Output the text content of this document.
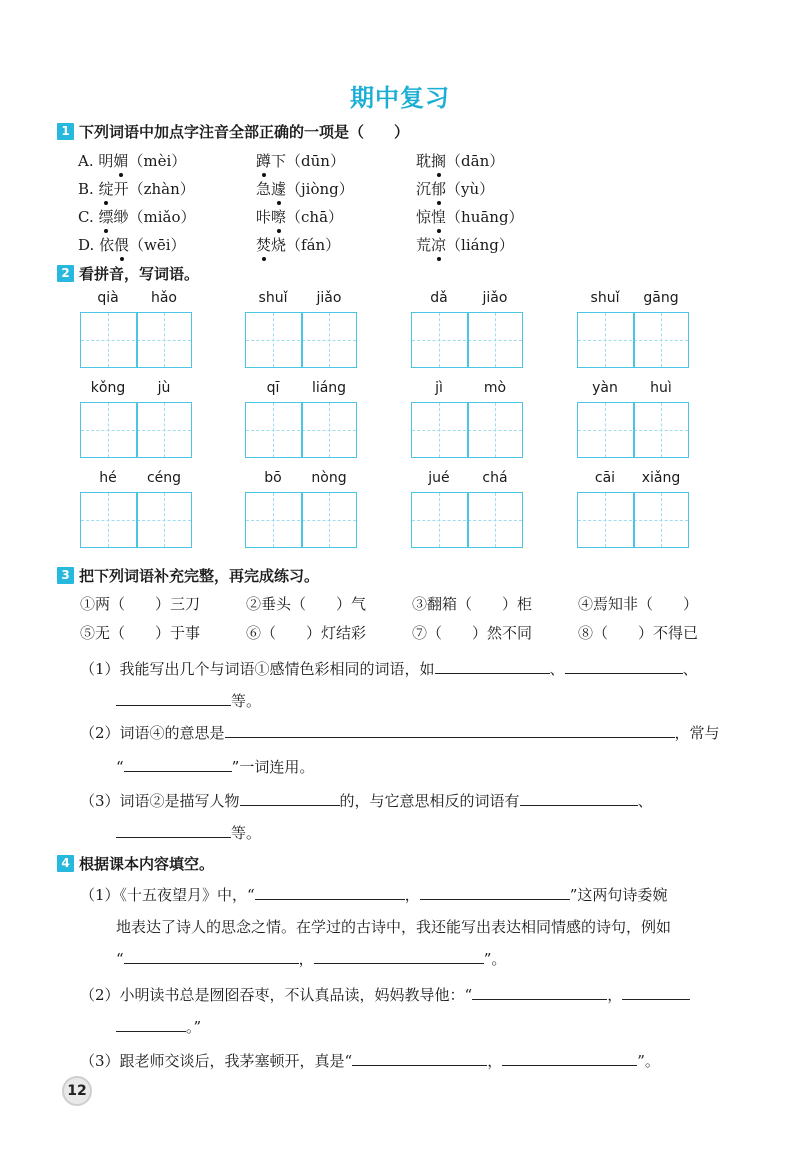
期中复习
1 下列词语中加点字注音全部正确的一项是（　　）
A. 明媚（mèi）	蹲下（dūn）	耽搁（dān）
B. 绽开（zhàn）	急遽（jiòng）	沉郁（yù）
C. 缥缈（miǎo）	咔嚓（chā）	惊惶（huāng）
D. 依偎（wēi）	焚烧（fán）	荒凉（liáng）
2 看拼音，写词语。
qià	hǎo	shuǐ	jiǎo	dǎ	jiǎo	shuǐ	gāng
kǒng	jù	qī	liáng	jì	mò	yàn	huì
hé	céng	bō	nòng	jué	chá	cāi	xiǎng
3 把下列词语补充完整，再完成练习。
①两（　　）三刀	②垂头（　　）气	③翻箱（　　）柜	④焉知非（　　）
⑤无（　　）于事	⑥（　　）灯结彩	⑦（　　）然不同	⑧（　　）不得已
（1）我能写出几个与词语①感情色彩相同的词语，如	、	、
等。
（2）词语④的意思是	，常与
“	”一词连用。
（3）词语②是描写人物	的，与它意思相反的词语有	、
等。
4 根据课本内容填空。
（1）《十五夜望月》中，“	，	”这两句诗委婉
地表达了诗人的思念之情。在学过的古诗中，我还能写出表达相同情感的诗句，例如
“	，	”。
（2）小明读书总是囫囵吞枣，不认真品读，妈妈教导他：“	，
。”
（3）跟老师交谈后，我茅塞顿开，真是“	，	”。
12
